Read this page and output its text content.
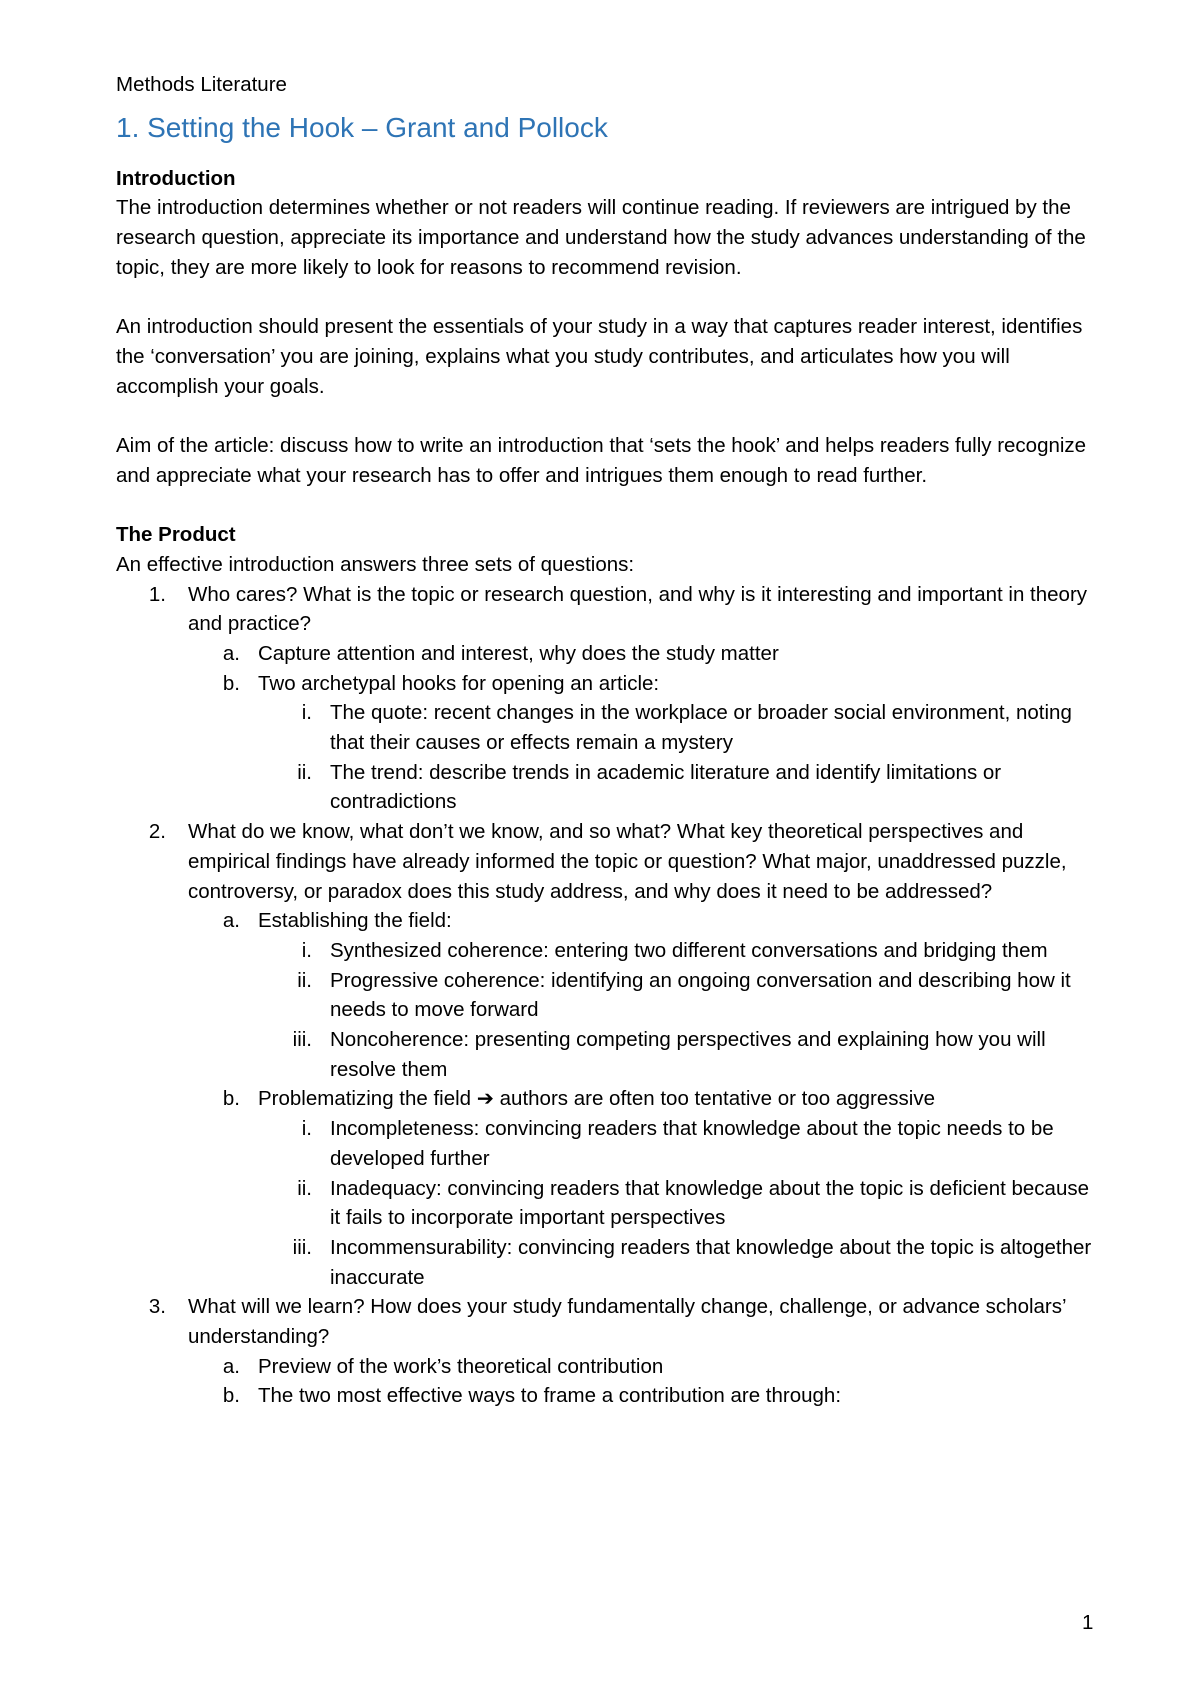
Methods Literature

1. Setting the Hook – Grant and Pollock

Introduction

The introduction determines whether or not readers will continue reading. If reviewers are intrigued by the research question, appreciate its importance and understand how the study advances understanding of the topic, they are more likely to look for reasons to recommend revision.

An introduction should present the essentials of your study in a way that captures reader interest, identifies the ‘conversation’ you are joining, explains what you study contributes, and articulates how you will accomplish your goals.

Aim of the article: discuss how to write an introduction that ‘sets the hook’ and helps readers fully recognize and appreciate what your research has to offer and intrigues them enough to read further.

The Product

An effective introduction answers three sets of questions:

1.	Who cares? What is the topic or research question, and why is it interesting and important in theory and practice?
a. Capture attention and interest, why does the study matter
b. Two archetypal hooks for opening an article:
i. The quote: recent changes in the workplace or broader social environment, noting that their causes or effects remain a mystery
ii. The trend: describe trends in academic literature and identify limitations or contradictions
2.	What do we know, what don’t we know, and so what? What key theoretical perspectives and empirical findings have already informed the topic or question? What major, unaddressed puzzle, controversy, or paradox does this study address, and why does it need to be addressed?
a. Establishing the field:
i. Synthesized coherence: entering two different conversations and bridging them
ii. Progressive coherence: identifying an ongoing conversation and describing how it needs to move forward
iii. Noncoherence: presenting competing perspectives and explaining how you will resolve them
b. Problematizing the field ➔ authors are often too tentative or too aggressive
i. Incompleteness: convincing readers that knowledge about the topic needs to be developed further
ii. Inadequacy: convincing readers that knowledge about the topic is deficient because it fails to incorporate important perspectives
iii. Incommensurability: convincing readers that knowledge about the topic is altogether inaccurate
3.	What will we learn? How does your study fundamentally change, challenge, or advance scholars’ understanding?
a. Preview of the work’s theoretical contribution
b. The two most effective ways to frame a contribution are through:
1
